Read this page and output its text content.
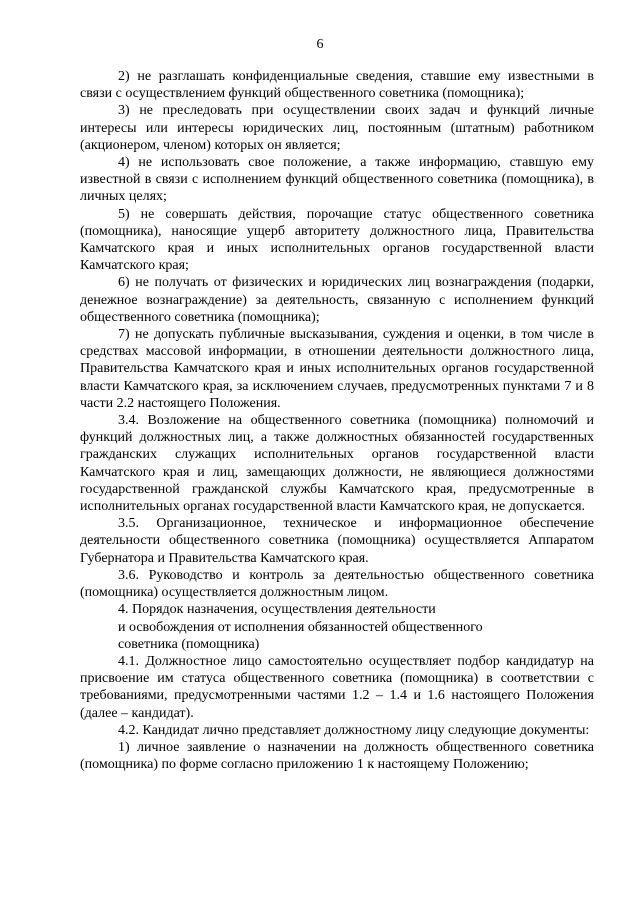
6

2) не разглашать конфиденциальные сведения, ставшие ему известными в связи с осуществлением функций общественного советника (помощника);

3) не преследовать при осуществлении своих задач и функций личные интересы или интересы юридических лиц, постоянным (штатным) работником (акционером, членом) которых он является;

4) не использовать свое положение, а также информацию, ставшую ему известной в связи с исполнением функций общественного советника (помощника), в личных целях;

5) не совершать действия, порочащие статус общественного советника (помощника), наносящие ущерб авторитету должностного лица, Правительства Камчатского края и иных исполнительных органов государственной власти Камчатского края;

6) не получать от физических и юридических лиц вознаграждения (подарки, денежное вознаграждение) за деятельность, связанную с исполнением функций общественного советника (помощника);

7) не допускать публичные высказывания, суждения и оценки, в том числе в средствах массовой информации, в отношении деятельности должностного лица, Правительства Камчатского края и иных исполнительных органов государственной власти Камчатского края, за исключением случаев, предусмотренных пунктами 7 и 8 части 2.2 настоящего Положения.

3.4. Возложение на общественного советника (помощника) полномочий и функций должностных лиц, а также должностных обязанностей государственных гражданских служащих исполнительных органов государственной власти Камчатского края и лиц, замещающих должности, не являющиеся должностями государственной гражданской службы Камчатского края, предусмотренные в исполнительных органах государственной власти Камчатского края, не допускается.

3.5. Организационное, техническое и информационное обеспечение деятельности общественного советника (помощника) осуществляется Аппаратом Губернатора и Правительства Камчатского края.

3.6. Руководство и контроль за деятельностью общественного советника (помощника) осуществляется должностным лицом.

4. Порядок назначения, осуществления деятельности
и освобождения от исполнения обязанностей общественного
советника (помощника)

4.1. Должностное лицо самостоятельно осуществляет подбор кандидатур на присвоение им статуса общественного советника (помощника) в соответствии с требованиями, предусмотренными частями 1.2 – 1.4 и 1.6 настоящего Положения (далее – кандидат).

4.2. Кандидат лично представляет должностному лицу следующие документы:

1) личное заявление о назначении на должность общественного советника (помощника) по форме согласно приложению 1 к настоящему Положению;
